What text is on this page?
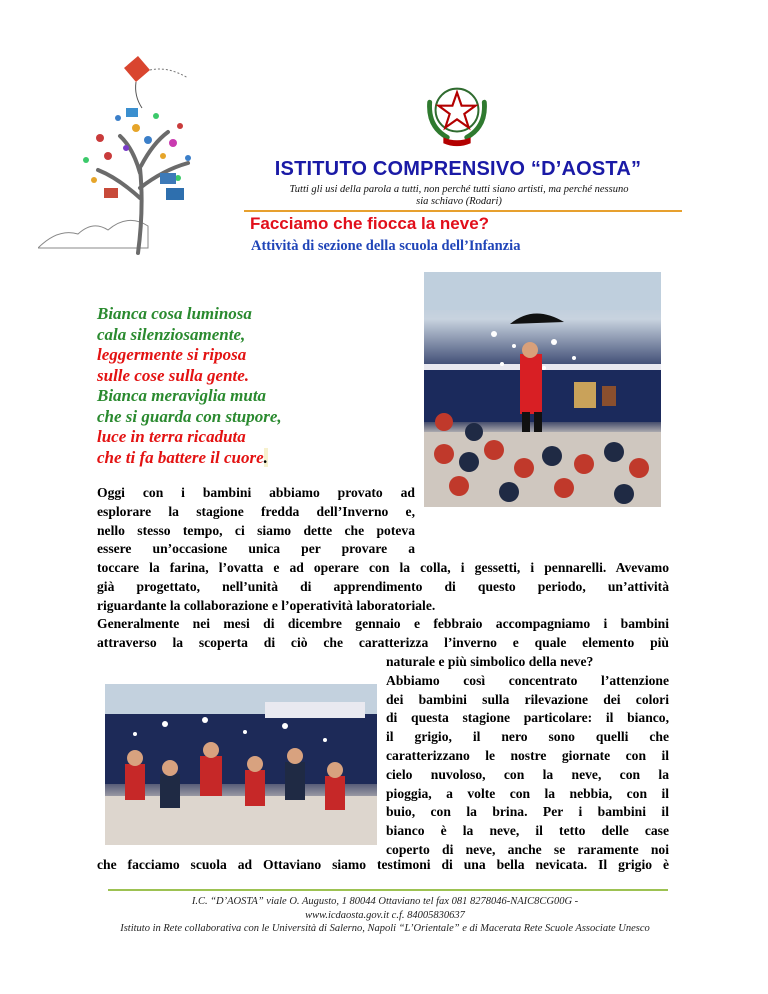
ISTITUTO COMPRENSIVO “D’AOSTA”
Tutti gli usi della parola a tutti, non perché tutti siano artisti, ma perché nessuno
sia schiavo (Rodari)
Facciamo che fiocca la neve?
Attività di sezione della scuola dell’Infanzia
Bianca cosa luminosa
cala silenziosamente,
leggermente si riposa
sulle cose sulla gente.
Bianca meraviglia muta
che si guarda con stupore,
luce in terra ricaduta
che ti fa battere il cuore.
Oggi con i bambini abbiamo provato ad
esplorare la stagione fredda dell’Inverno e,
nello stesso tempo, ci siamo dette che poteva
essere un’occasione unica per provare a
toccare la farina, l’ovatta e ad operare con la colla, i gessetti, i pennarelli. Avevamo
già progettato, nell’unità di apprendimento di questo periodo, un’attività
riguardante la collaborazione e l’operatività laboratoriale.
Generalmente nei mesi di dicembre gennaio e febbraio accompagniamo i bambini
attraverso la scoperta di ciò che caratterizza l’inverno e quale elemento più
naturale e più simbolico della neve?
Abbiamo così concentrato l’attenzione
dei bambini sulla rilevazione dei colori
di questa stagione particolare: il bianco,
il grigio, il nero sono quelli che
caratterizzano le nostre giornate con il
cielo nuvoloso, con la neve, con la
pioggia, a volte con la nebbia, con il
buio, con la brina. Per i bambini il
bianco è la neve, il tetto delle case
coperto di neve, anche se raramente noi
che facciamo scuola ad Ottaviano siamo testimoni di una bella nevicata. Il grigio è
I.C. “D’AOSTA” viale O. Augusto, 1 80044 Ottaviano tel fax 081 8278046-NAIC8CG00G -
www.icdaosta.gov.it c.f. 84005830637
Istituto in Rete collaborativa con le Università di Salerno, Napoli “L’Orientale” e di Macerata Rete Scuole Associate Unesco
